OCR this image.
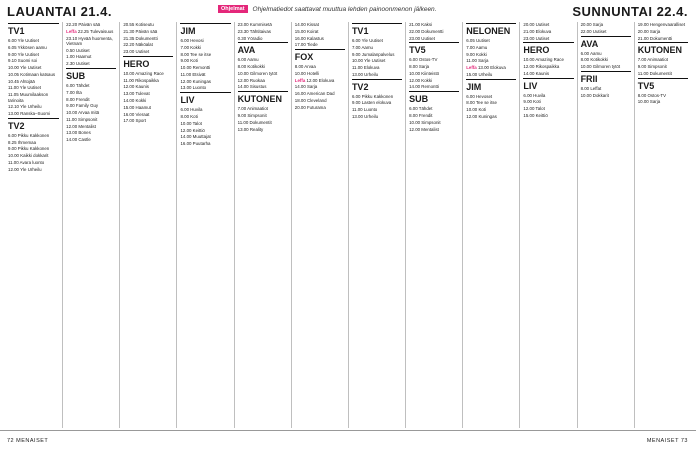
LAUANTAI 21.4.	Ohjelmat	Ohjelmatiedot saattavat muuttua lehden painoonmenon jälkeen.	SUNNUNTAI 22.4.
TV1
6.00 Yle Uutiset
6.05 Ykkösen aamu
9.00 Yle Uutiset
9.10 Suomi soi
10.00 Yle Uutiset
10.05 Kotimaan katsaus
10.45 Ahtojää
11.00 Yle Uutiset
11.05 Muumilaakson tarinoita
12.10 Yle Urheilu
13.00 Ranska–Suomi
TV2
6.00 Pikku Kakkonen
8.25 Ihmemaa
9.00 Pikku Kakkonen
10.00 Kaikki dokkarit
11.00 Avara luonto
12.00 Yle Urheilu
22.20 Päivän sää
Leffa 22.25 Tulevaisuus
23.10 Hyvää huomenta, Vietnam
0.50 Uutiset
1.00 Haamut
2.30 Uutiset
SUB
6.00 Tähdet
7.00 Ilta
8.00 Frendit
9.00 Family Guy
10.00 Arvaa mitä
11.00 Simpsonit
12.00 Mentalist
13.00 Bones
14.00 Castle
20.55 Kotiseutu
21.30 Päivän sää
21.35 Dokumentti
22.20 Näköalat
23.00 Uutiset
HERO
10.00 Amazing Race
11.00 Rikospaikka
12.00 Kaunis
13.00 Tulevat
14.00 Kokki
15.00 Haamut
16.00 Vieraat
17.00 Sport
JIM
6.00 Hevosi
7.00 Kokki
8.00 Tee se itse
9.00 Koti
10.00 Remontti
11.00 Etsivät
12.00 Kuningas
13.00 Luonto
LIV
6.00 Huvila
8.00 Koti
10.00 Talot
12.00 Keittiö
14.00 Muuttajat
16.00 Puutarha
23.00 Kummisetä
23.30 Tähtitaivas
0.30 Yöradio
AVA
6.00 Aamu
8.00 Kotikokki
10.00 Gilmoren tytöt
12.00 Ruokaa
14.00 Sisustus
KUTONEN
7.00 Animaatiot
9.00 Simpsonit
11.00 Dokumentit
13.00 Reality
14.00 Kissat
15.00 Koirat
16.00 Kalastus
17.00 Tiede
FOX
8.00 Arvaa
10.00 Hotelli
Leffa 12.00 Elokuva
14.00 Sarja
16.00 American Dad
18.00 Cleveland
20.00 Futurama
TV1
6.00 Yle Uutiset
7.00 Aamu
9.00 Jumalanpalvelus
10.00 Yle Uutiset
11.00 Elokuva
13.00 Urheilu
TV2
6.00 Pikku Kakkonen
9.00 Lasten elokuva
11.00 Luonto
13.00 Urheilu
21.00 Kaksi
22.00 Dokumentti
23.00 Uutiset
TV5
6.00 Ostos-TV
8.00 Sarja
10.00 Kiinteistö
12.00 Kokki
14.00 Remontti
SUB
6.00 Tähdet
8.00 Frendit
10.00 Simpsonit
12.00 Mentalist
NELONEN
6.05 Uutiset
7.00 Aamu
9.00 Kokki
11.00 Sarja
Leffa 13.00 Elokuva
15.00 Urheilu
JIM
6.00 Hevoset
8.00 Tee se itse
10.00 Koti
12.00 Kuningas
20.00 Uutiset
21.00 Elokuva
23.00 Uutiset
HERO
10.00 Amazing Race
12.00 Rikospaikka
14.00 Kaunis
LIV
6.00 Huvila
9.00 Koti
12.00 Talot
15.00 Keittiö
20.00 Sarja
22.00 Uutiset
AVA
6.00 Aamu
8.00 Kotikokki
10.00 Gilmoren tytöt
FRII
8.00 Leffat
10.00 Dokkarit
19.00 Hengenvaaralliset
20.00 Sarja
21.00 Dokumentti
KUTONEN
7.00 Animaatiot
9.00 Simpsonit
11.00 Dokumentit
TV5
8.00 Ostos-TV
10.00 Sarja
72 MENAISET	MENAISET 73
